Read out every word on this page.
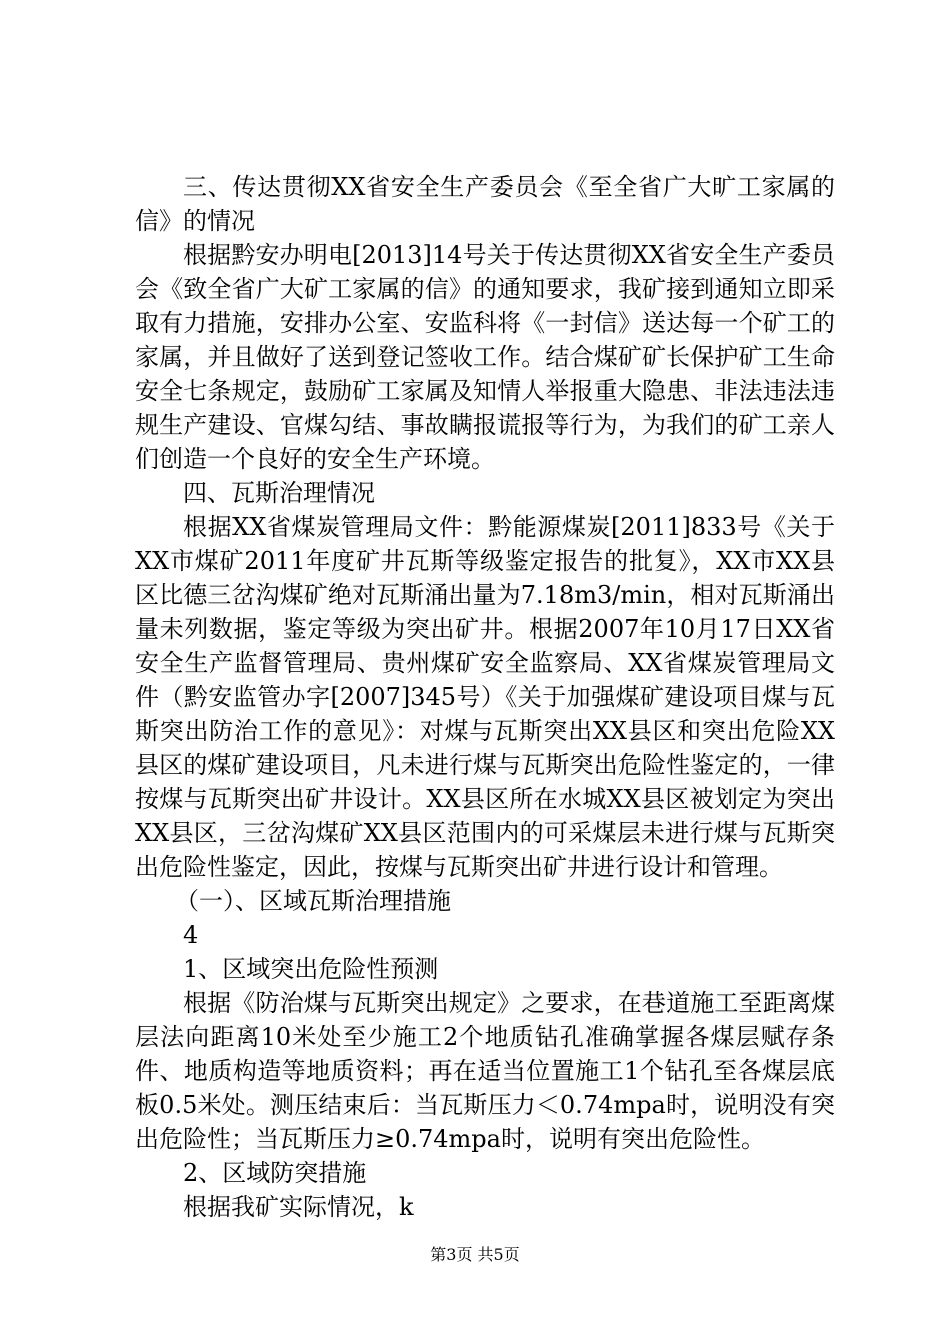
三、传达贯彻XX省安全生产委员会《至全省广大旷工家属的信》的情况

根据黔安办明电[2013]14号关于传达贯彻XX省安全生产委员会《致全省广大矿工家属的信》的通知要求，我矿接到通知立即采取有力措施，安排办公室、安监科将《一封信》送达每一个矿工的家属，并且做好了送到登记签收工作。结合煤矿矿长保护矿工生命安全七条规定，鼓励矿工家属及知情人举报重大隐患、非法违法违规生产建设、官煤勾结、事故瞒报谎报等行为，为我们的矿工亲人们创造一个良好的安全生产环境。

四、瓦斯治理情况

根据XX省煤炭管理局文件：黔能源煤炭[2011]833号《关于XX市煤矿2011年度矿井瓦斯等级鉴定报告的批复》，XX市XX县区比德三岔沟煤矿绝对瓦斯涌出量为7.18m3/min，相对瓦斯涌出量未列数据，鉴定等级为突出矿井。根据2007年10月17日XX省安全生产监督管理局、贵州煤矿安全监察局、XX省煤炭管理局文件（黔安监管办字[2007]345号）《关于加强煤矿建设项目煤与瓦斯突出防治工作的意见》：对煤与瓦斯突出XX县区和突出危险XX县区的煤矿建设项目，凡未进行煤与瓦斯突出危险性鉴定的，一律按煤与瓦斯突出矿井设计。XX县区所在水城XX县区被划定为突出XX县区，三岔沟煤矿XX县区范围内的可采煤层未进行煤与瓦斯突出危险性鉴定，因此，按煤与瓦斯突出矿井进行设计和管理。

（一）、区域瓦斯治理措施

4

1、区域突出危险性预测

根据《防治煤与瓦斯突出规定》之要求，在巷道施工至距离煤层法向距离10米处至少施工2个地质钻孔准确掌握各煤层赋存条件、地质构造等地质资料；再在适当位置施工1个钻孔至各煤层底板0.5米处。测压结束后：当瓦斯压力＜0.74mpa时，说明没有突出危险性；当瓦斯压力≥0.74mpa时，说明有突出危险性。

2、区域防突措施

根据我矿实际情况，k

第3页 共5页
